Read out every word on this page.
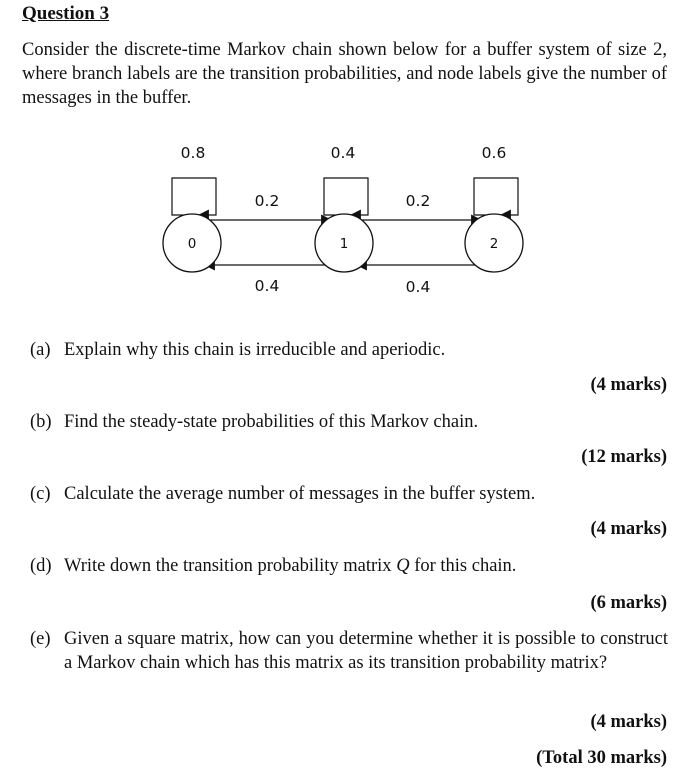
Question 3
Consider the discrete-time Markov chain shown below for a buffer system of size 2, where branch labels are the transition probabilities, and node labels give the number of messages in the buffer.
0	1	2
0.8	0.4	0.6
0.2	0.2
0.4	0.4
(a) Explain why this chain is irreducible and aperiodic.
(4 marks)
(b) Find the steady-state probabilities of this Markov chain.
(12 marks)
(c) Calculate the average number of messages in the buffer system.
(4 marks)
(d) Write down the transition probability matrix Q for this chain.
(6 marks)
(e) Given a square matrix, how can you determine whether it is possible to construct a Markov chain which has this matrix as its transition probability matrix?
(4 marks)
(Total 30 marks)
